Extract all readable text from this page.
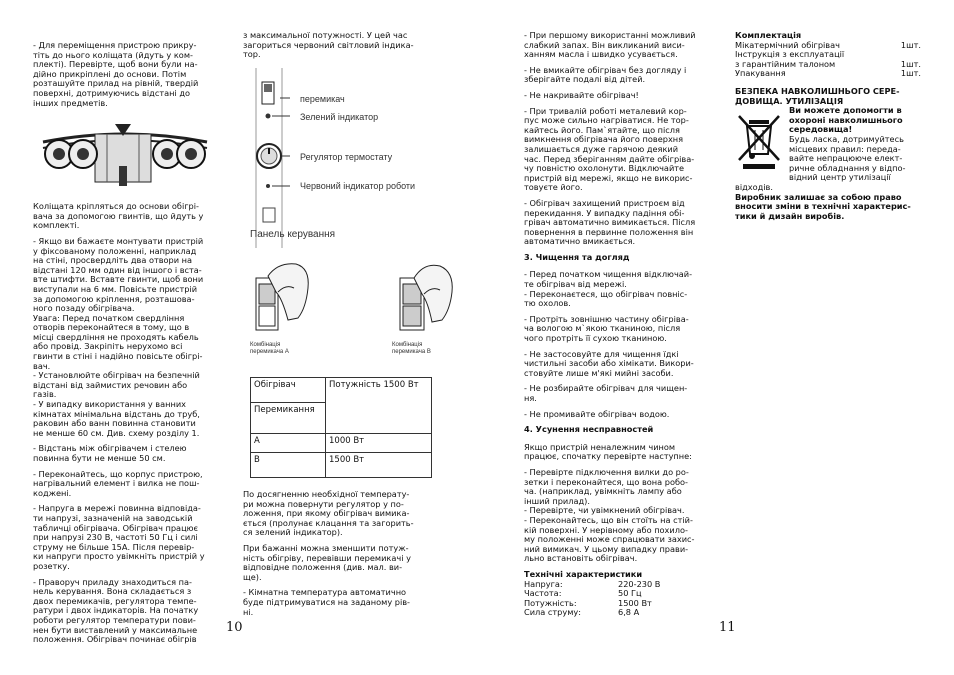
- Для переміщення пристрою прикру-
тіть до нього коліщата (йдуть у ком-
плекті). Перевірте, щоб вони були на-
дійно прикріплені до основи. Потім
розташуйте прилад на рівній, твердій
поверхні, дотримуючись відстані до
інших предметів.

Коліщата кріпляться до основи обігрі-
вача за допомогою гвинтів, що йдуть у
комплекті.

- Якщо ви бажаєте монтувати пристрій
у фіксованому положенні, наприклад
на стіні, просвердліть два отвори на
відстані 120 мм один від іншого і вста-
вте штифти. Вставте гвинти, щоб вони
виступали на 6 мм. Повісьте пристрій
за допомогою кріплення, розташова-
ного позаду обігрівача.
Увага: Перед початком свердління
отворів переконайтеся в тому, що в
місці свердління не проходять кабель
або провід. Закріпіть нерухомо всі
гвинти в стіні і надійно повісьте обігрі-
вач.
- Установлюйте обігрівач на безпечній
відстані від займистих речовин або
газів.
- У випадку використання у ванних
кімнатах мінімальна відстань до труб,
раковин або ванн повинна становити
не менше 60 см. Див. схему розділу 1.

- Відстань між обігрівачем і стелею
повинна бути не менше 50 см.

- Переконайтесь, що корпус пристрою,
нагрівальний елемент і вилка не пош-
коджені.

- Напруга в мережі повинна відповіда-
ти напрузі, зазначеній на заводській
табличці обігрівача. Обігрівач працює
при напрузі 230 В, частоті 50 Гц і силі
струму не більше 15А. Після перевір-
ки напруги просто увімкніть пристрій у
розетку.

- Праворуч приладу знаходиться па-
нель керування. Вона складається з
двох перемикачів, регулятора темпе-
ратури і двох індикаторів. На початку
роботи регулятор температури пови-
нен бути виставлений у максимальне
положення. Обігрівач починає обігрів

з максимальної потужності. У цей час
загориться червоний світловий індика-
тор.

перемикач
Зелений індикатор
Регулятор термостату
Червоний індикатор роботи
Панель керування
Комбінація
перемикача А
Комбінація
перемикача В
Обігрівач	Потужність 1500 Вт
Перемикання	
А	1000 Вт
В	1500 Вт

По досягненню необхідної температу-
ри можна повернути регулятор у по-
ложення, при якому обігрівач вимика-
ється (пролунає клацання та загорить-
ся зелений індикатор).

При бажанні можна зменшити потуж-
ність обігріву, перевівши перемикачі у
відповідне положення (див. мал. ви-
ще).

- Кімнатна температура автоматично
буде підтримуватися на заданому рів-
ні.

10

- При першому використанні можливий
слабкий запах. Він викликаний виси-
ханням масла і швидко усувається.

- Не вмикайте обігрівач без догляду і
зберігайте подалі від дітей.

- Не накривайте обігрівач!

- При тривалій роботі металевий кор-
пус може сильно нагріватися. Не тор-
кайтесь його. Пам`ятайте, що після
вимкнення обігрівача його поверхня
залишається дуже гарячою деякий
час. Перед зберіганням дайте обігріва-
чу повністю охолонути. Відключайте
пристрій від мережі, якщо не викорис-
товуєте його.

- Обігрівач захищений пристроєм від
перекидання. У випадку падіння обі-
грівач автоматично вимикається. Після
повернення в первинне положення він
автоматично вмикається.

3. Чищення та догляд

- Перед початком чищення відключай-
те обігрівач від мережі.
- Переконаєтеся, що обігрівач повніс-
тю охолов.

- Протріть зовнішню частину обігріва-
ча вологою м`якою тканиною, після
чого протріть її сухою тканиною.

- Не застосовуйте для чищення їдкі
чистильні засоби або хімікати. Викори-
стовуйте лише м'які мийні засоби.

- Не розбирайте обігрівач для чищен-
ня.

- Не промивайте обігрівач водою.

4. Усунення несправностей

Якщо пристрій неналежним чином
працює, спочатку перевірте наступне:

- Перевірте підключення вилки до ро-
зетки і переконайтеся, що вона робо-
ча. (наприклад, увімкніть лампу або
інший прилад).
- Перевірте, чи увімкнений обігрівач.
- Переконайтесь, що він стоїть на стій-
кій поверхні. У нерівному або похило-
му положенні може спрацювати захис-
ний вимикач. У цьому випадку прави-
льно встановіть обігрівач.

Технічні характеристики
Напруга:	220-230 В
Частота:	50 Гц
Потужність:	1500 Вт
Сила струму:	6,8 А
Комплектація
Мікатермічний обігрівач	1шт.
Інструкція з експлуатації
з гарантійним талоном	1шт.
Упакування	1шт.
БЕЗПЕКА НАВКОЛИШНЬОГО СЕРЕ-
ДОВИЩА. УТИЛІЗАЦІЯ
Ви можете допомогти в
охороні навколишнього
середовища!
Будь ласка, дотримуйтесь
місцевих правил: переда-
вайте непрацююче елект-
ричне обладнання у відпо-
відний центр утилізації
відходів.
Виробник залишає за собою право
вносити зміни в технічні характерис-
тики й дизайн виробів.
11
